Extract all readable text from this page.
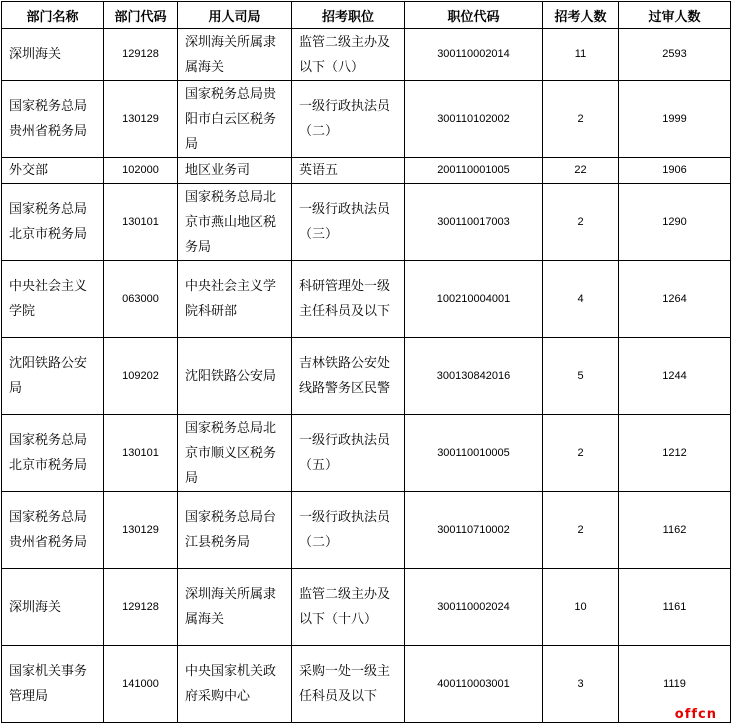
部门名称	部门代码	用人司局	招考职位	职位代码	招考人数	过审人数
深圳海关	129128	深圳海关所属隶属海关	监管二级主办及以下（八）	300110002014	11	2593
国家税务总局贵州省税务局	130129	国家税务总局贵阳市白云区税务局	一级行政执法员（二）	300110102002	2	1999
外交部	102000	地区业务司	英语五	200110001005	22	1906
国家税务总局北京市税务局	130101	国家税务总局北京市燕山地区税务局	一级行政执法员（三）	300110017003	2	1290
中央社会主义学院	063000	中央社会主义学院科研部	科研管理处一级主任科员及以下	100210004001	4	1264
沈阳铁路公安局	109202	沈阳铁路公安局	吉林铁路公安处线路警务区民警	300130842016	5	1244
国家税务总局北京市税务局	130101	国家税务总局北京市顺义区税务局	一级行政执法员（五）	300110010005	2	1212
国家税务总局贵州省税务局	130129	国家税务总局台江县税务局	一级行政执法员（二）	300110710002	2	1162
深圳海关	129128	深圳海关所属隶属海关	监管二级主办及以下（十八）	300110002024	10	1161
国家机关事务管理局	141000	中央国家机关政府采购中心	采购一处一级主任科员及以下	400110003001	3	1119
offcn
